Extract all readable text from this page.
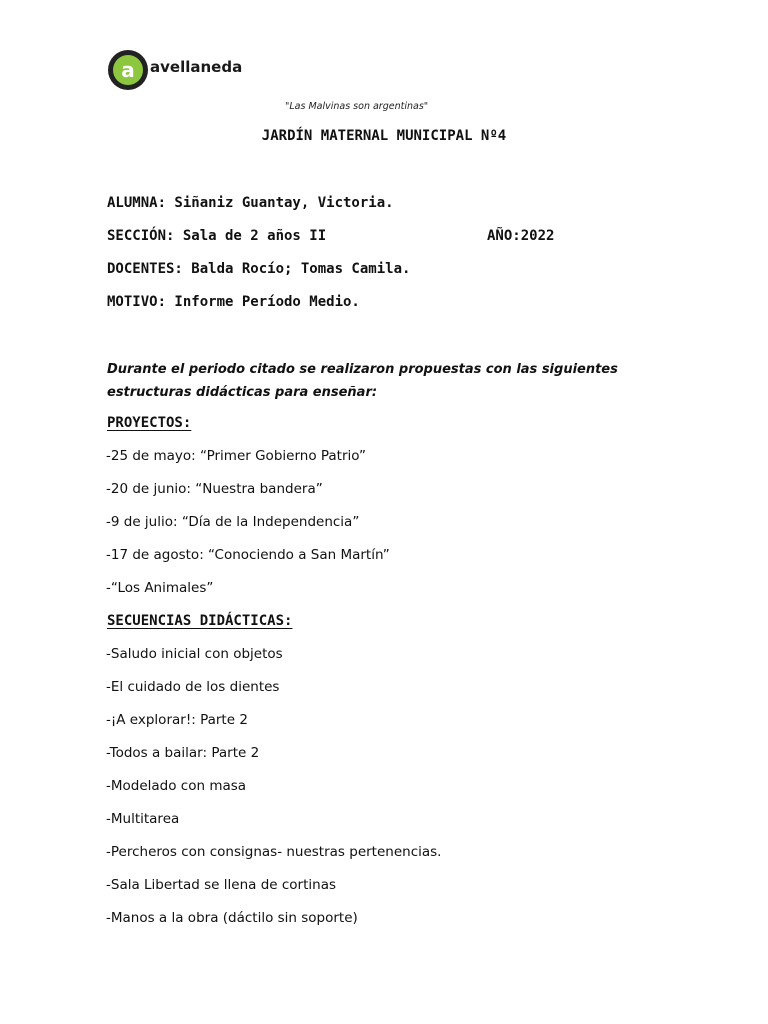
a avellaneda
"Las Malvinas son argentinas"
JARDÍN MATERNAL MUNICIPAL Nº4
ALUMNA: Siñaniz Guantay, Victoria.
SECCIÓN: Sala de 2 años II	AÑO:2022
DOCENTES: Balda Rocío; Tomas Camila.
MOTIVO: Informe Período Medio.
Durante el periodo citado se realizaron propuestas con las siguientes estructuras didácticas para enseñar:
PROYECTOS:
-25 de mayo: “Primer Gobierno Patrio”
-20 de junio: “Nuestra bandera”
-9 de julio: “Día de la Independencia”
-17 de agosto: “Conociendo a San Martín”
-“Los Animales”
SECUENCIAS DIDÁCTICAS:
-Saludo inicial con objetos
-El cuidado de los dientes
-¡A explorar!: Parte 2
-Todos a bailar: Parte 2
-Modelado con masa
-Multitarea
-Percheros con consignas- nuestras pertenencias.
-Sala Libertad se llena de cortinas
-Manos a la obra (dáctilo sin soporte)
